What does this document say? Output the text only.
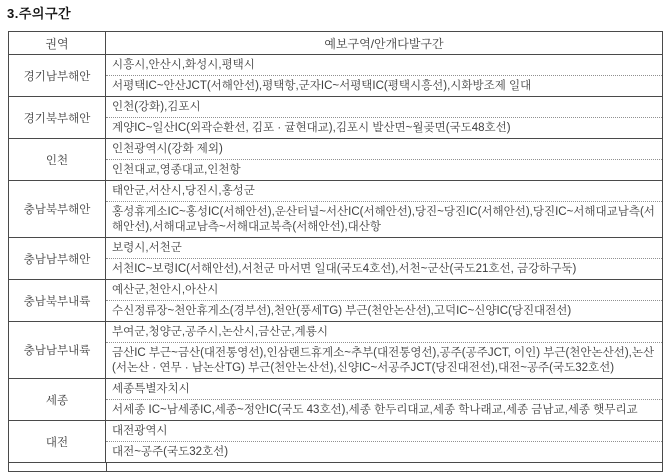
3.주의구간
권역	예보구역/안개다발구간
경기남부해안
시흥시,안산시,화성시,평택시
서평택IC~안산JCT(서해안선),평택항,군자IC~서평택IC(평택시흥선),시화방조제 일대
경기북부해안
인천(강화),김포시
계양IC~일산IC(외곽순환선, 김포 · 귤현대교),김포시 발산면~월곶면(국도48호선)
인천
인천광역시(강화 제외)
인천대교,영종대교,인천항
충남북부해안
태안군,서산시,당진시,홍성군
홍성휴게소IC~홍성IC(서해안선),운산터널~서산IC(서해안선),당진~당진IC(서해안선),당진IC~서해대교남측(서해안선),서해대교남측~서해대교북측(서해안선),대산항
충남남부해안
보령시,서천군
서천IC~보령IC(서해안선),서천군 마서면 일대(국도4호선),서천~군산(국도21호선, 금강하구둑)
충남북부내륙
예산군,천안시,아산시
수신정류장~천안휴게소(경부선),천안(풍세TG) 부근(천안논산선),고덕IC~신양IC(당진대전선)
충남남부내륙
부여군,청양군,공주시,논산시,금산군,계룡시
금산IC 부근~금산(대전통영선),인삼랜드휴게소~추부(대전통영선),공주(공주JCT, 이인) 부근(천안논산선),논산(서논산 · 연무 · 남논산TG) 부근(천안논산선),신양IC~서공주JCT(당진대전선),대전~공주(국도32호선)
세종
세종특별자치시
서세종 IC~남세종IC,세종~정안IC(국도 43호선),세종 한두리대교,세종 학나래교,세종 금남교,세종 햇무리교
대전
대전광역시
대전~공주(국도32호선)
